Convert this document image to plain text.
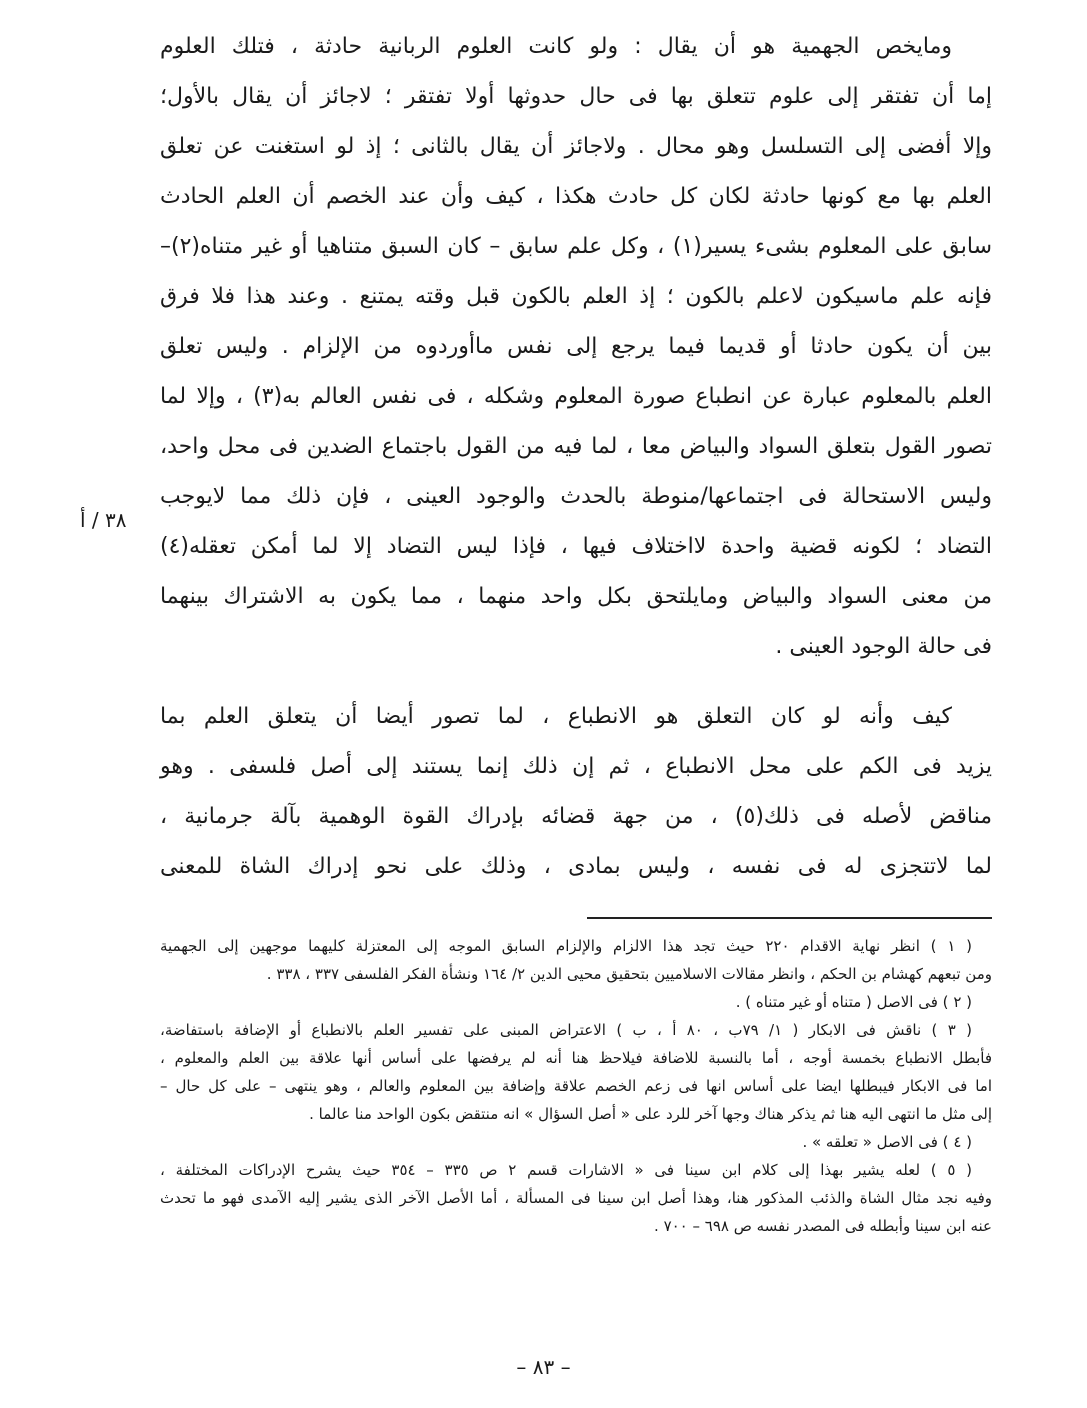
ومايخص الجهمية هو أن يقال : ولو كانت العلوم الربانية حادثة ، فتلك العلوم
إما أن تفتقر إلى علوم تتعلق بها فى حال حدوثها أولا تفتقر ؛ لاجائز أن يقال بالأول؛
وإلا أفضى إلى التسلسل وهو محال . ولاجائز أن يقال بالثانى ؛ إذ لو استغنت عن تعلق
العلم بها مع كونها حادثة لكان كل حادث هكذا ، كيف وأن عند الخصم أن العلم الحادث
سابق على المعلوم بشىء يسير(١) ، وكل علم سابق – كان السبق متناهيا أو غير متناه(٢)–
فإنه علم ماسيكون لاعلم بالكون ؛ إذ العلم بالكون قبل وقته يمتنع . وعند هذا فلا فرق
بين أن يكون حادثا أو قديما فيما يرجع إلى نفس ماأوردوه من الإلزام . وليس تعلق
العلم بالمعلوم عبارة عن انطباع صورة المعلوم وشكله ، فى نفس العالم به(٣) ، وإلا لما
تصور القول بتعلق السواد والبياض معا ، لما فيه من القول باجتماع الضدين فى محل واحد،
وليس الاستحالة فى اجتماعها/منوطة بالحدث والوجود العينى ، فإن ذلك مما لايوجب
التضاد ؛ لكونه قضية واحدة لااختلاف فيها ، فإذا ليس التضاد إلا لما أمكن تعقله(٤)
من معنى السواد والبياض ومايلتحق بكل واحد منهما ، مما يكون به الاشتراك بينهما
فى حالة الوجود العينى .
كيف وأنه لو كان التعلق هو الانطباع ، لما تصور أيضا أن يتعلق العلم بما
يزيد فى الكم على محل الانطباع ، ثم إن ذلك إنما يستند إلى أصل فلسفى . وهو
مناقض لأصله فى ذلك(٥) ، من جهة قضائه بإدراك القوة الوهمية بآلة جرمانية ،
لما لاتتجزى له فى نفسه ، وليس بمادى ، وذلك على نحو إدراك الشاة للمعنى
٣٨ / أ
( ١ ) انظر نهاية الاقدام ٢٢٠ حيث تجد هذا الالزام والإلزام السابق الموجه إلى المعتزلة كليهما موجهين إلى الجهمية
ومن تبعهم كهشام بن الحكم ، وانظر مقالات الاسلاميين بتحقيق محيى الدين ٢/ ١٦٤ ونشأة الفكر الفلسفى ٣٣٧ ، ٣٣٨ .
( ٢ ) فى الاصل ( متناه أو غير متناه ) .
( ٣ ) ناقش فى الابكار ( ١/ ٧٩ب ، ٨٠ أ ، ب ) الاعتراض المبنى على تفسير العلم بالانطباع أو الإضافة باستفاضة،
فأبطل الانطباع بخمسة أوجه ، أما بالنسبة للاضافة فيلاحظ هنا أنه لم يرفضها على أساس أنها علاقة بين العلم والمعلوم ،
اما فى الابكار فيبطلها ايضا على أساس انها فى زعم الخصم علاقة وإضافة بين المعلوم والعالم ، وهو ينتهى – على كل حال –
إلى مثل ما انتهى اليه هنا ثم يذكر هناك وجها آخر للرد على « أصل السؤال » انه منتقض بكون الواحد منا عالما .
( ٤ ) فى الاصل « تعلقه » .
( ٥ ) لعله يشير بهذا إلى كلام ابن سينا فى « الاشارات قسم ٢ ص ٣٣٥ – ٣٥٤ حيث يشرح الإدراكات المختلفة ،
وفيه نجد مثال الشاة والذئب المذكور هنا، وهذا أصل ابن سينا فى المسألة ، أما الأصل الآخر الذى يشير إليه الآمدى فهو ما تحدث
عنه ابن سينا وأبطله فى المصدر نفسه ص ٦٩٨ – ٧٠٠ .
– ٨٣ –
